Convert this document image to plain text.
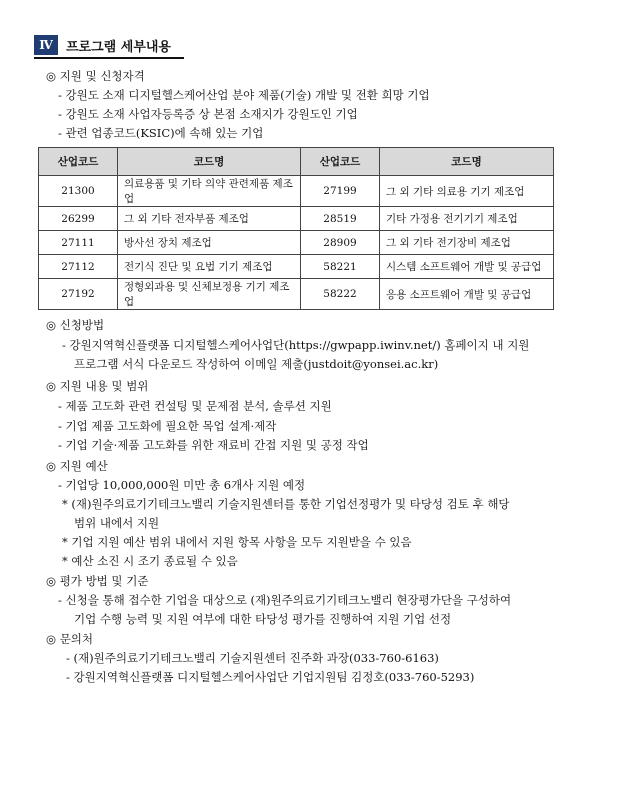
Ⅳ	프로그램 세부내용
◎ 지원 및 신청자격
- 강원도 소재 디지털헬스케어산업 분야 제품(기술) 개발 및 전환 희망 기업
- 강원도 소재 사업자등록증 상 본점 소재지가 강원도인 기업
- 관련 업종코드(KSIC)에 속해 있는 기업
산업코드	코드명	산업코드	코드명
21300	의료용품 및 기타 의약 관련제품 제조업	27199	그 외 기타 의료용 기기 제조업
26299	그 외 기타 전자부품 제조업	28519	기타 가정용 전기기기 제조업
27111	방사선 장치 제조업	28909	그 외 기타 전기장비 제조업
27112	전기식 진단 및 요법 기기 제조업	58221	시스템 소프트웨어 개발 및 공급업
27192	정형외과용 및 신체보정용 기기 제조업	58222	응용 소프트웨어 개발 및 공급업
◎ 신청방법
- 강원지역혁신플랫폼 디지털헬스케어사업단(https://gwpapp.iwinv.net/) 홈페이지 내 지원
프로그램 서식 다운로드 작성하여 이메일 제출(justdoit@yonsei.ac.kr)
◎ 지원 내용 및 범위
- 제품 고도화 관련 컨설팅 및 문제점 분석, 솔루션 지원
- 기업 제품 고도화에 필요한 목업 설계·제작
- 기업 기술·제품 고도화를 위한 재료비 간접 지원 및 공정 작업
◎ 지원 예산
- 기업당 10,000,000원 미만 총 6개사 지원 예정
* (재)원주의료기기테크노밸리 기술지원센터를 통한 기업선정평가 및 타당성 검토 후 해당
범위 내에서 지원
* 기업 지원 예산 범위 내에서 지원 항목 사항을 모두 지원받을 수 있음
* 예산 소진 시 조기 종료될 수 있음
◎ 평가 방법 및 기준
- 신청을 통해 접수한 기업을 대상으로 (재)원주의료기기테크노밸리 현장평가단을 구성하여
기업 수행 능력 및 지원 여부에 대한 타당성 평가를 진행하여 지원 기업 선정
◎ 문의처
- (재)원주의료기기테크노밸리 기술지원센터 진주화 과장(033-760-6163)
- 강원지역혁신플랫폼 디지털헬스케어사업단 기업지원팀 김정호(033-760-5293)
